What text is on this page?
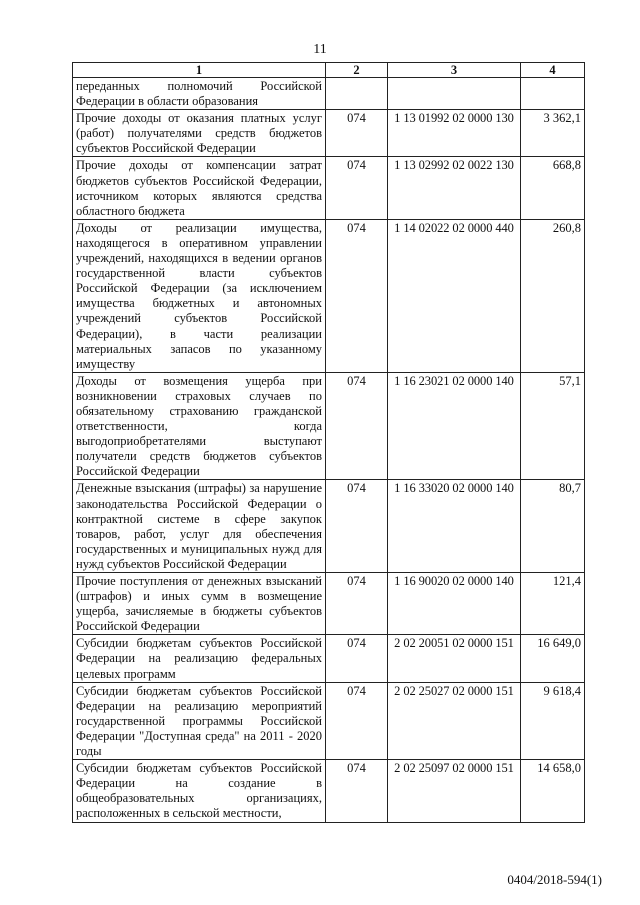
11
1	2	3	4
переданных полномочий Российской Федерации в области образования			
Прочие доходы от оказания платных услуг (работ) получателями средств бюджетов субъектов Российской Федерации	074	1 13 01992 02 0000 130	3 362,1
Прочие доходы от компенсации затрат бюджетов субъектов Российской Федерации, источником которых являются средства областного бюджета	074	1 13 02992 02 0022 130	668,8
Доходы от реализации имущества, находящегося в оперативном управлении учреждений, находящихся в ведении органов государственной власти субъектов Российской Федерации (за исключением имущества бюджетных и автономных учреждений субъектов Российской Федерации), в части реализации материальных запасов по указанному имуществу	074	1 14 02022 02 0000 440	260,8
Доходы от возмещения ущерба при возникновении страховых случаев по обязательному страхованию гражданской ответственности, когда выгодоприобретателями выступают получатели средств бюджетов субъектов Российской Федерации	074	1 16 23021 02 0000 140	57,1
Денежные взыскания (штрафы) за нарушение законодательства Российской Федерации о контрактной системе в сфере закупок товаров, работ, услуг для обеспечения государственных и муниципальных нужд для нужд субъектов Российской Федерации	074	1 16 33020 02 0000 140	80,7
Прочие поступления от денежных взысканий (штрафов) и иных сумм в возмещение ущерба, зачисляемые в бюджеты субъектов Российской Федерации	074	1 16 90020 02 0000 140	121,4
Субсидии бюджетам субъектов Российской Федерации на реализацию федеральных целевых программ	074	2 02 20051 02 0000 151	16 649,0
Субсидии бюджетам субъектов Российской Федерации на реализацию мероприятий государственной программы Российской Федерации "Доступная среда" на 2011 - 2020 годы	074	2 02 25027 02 0000 151	9 618,4
Субсидии бюджетам субъектов Российской Федерации на создание в общеобразовательных организациях, расположенных в сельской местности,	074	2 02 25097 02 0000 151	14 658,0
0404/2018-594(1)
